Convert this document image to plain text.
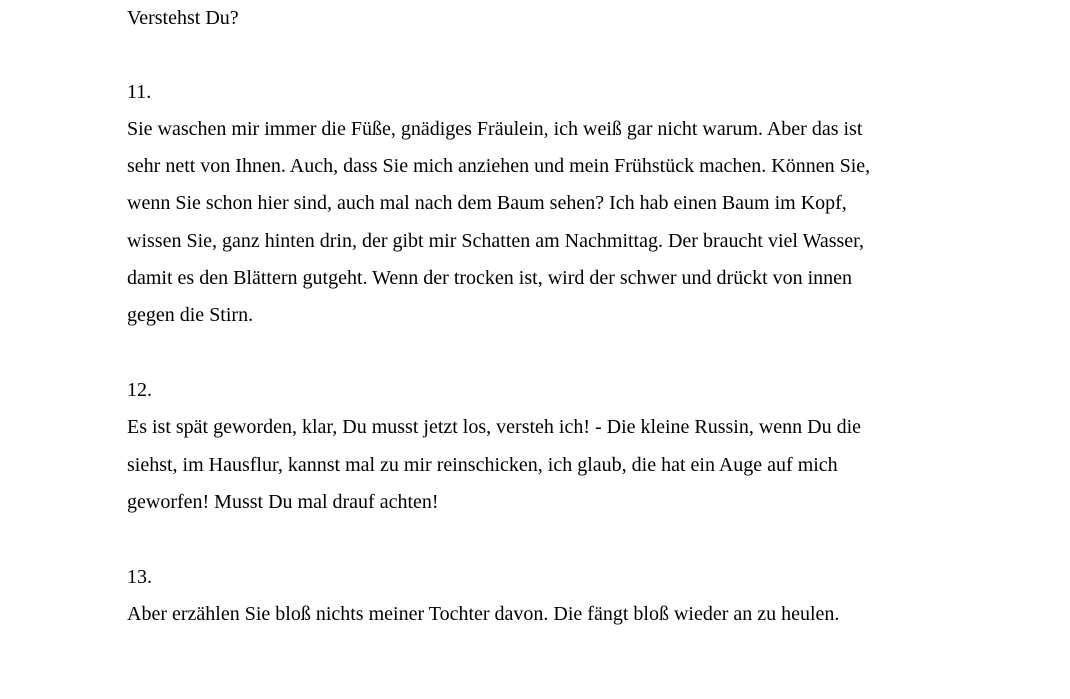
Verstehst Du?
11.
Sie waschen mir immer die Füße, gnädiges Fräulein, ich weiß gar nicht warum. Aber das ist
sehr nett von Ihnen. Auch, dass Sie mich anziehen und mein Frühstück machen. Können Sie,
wenn Sie schon hier sind, auch mal nach dem Baum sehen? Ich hab einen Baum im Kopf,
wissen Sie, ganz hinten drin, der gibt mir Schatten am Nachmittag. Der braucht viel Wasser,
damit es den Blättern gutgeht. Wenn der trocken ist, wird der schwer und drückt von innen
gegen die Stirn.
12.
Es ist spät geworden, klar, Du musst jetzt los, versteh ich! - Die kleine Russin, wenn Du die
siehst, im Hausflur, kannst mal zu mir reinschicken, ich glaub, die hat ein Auge auf mich
geworfen! Musst Du mal drauf achten!
13.
Aber erzählen Sie bloß nichts meiner Tochter davon. Die fängt bloß wieder an zu heulen.
